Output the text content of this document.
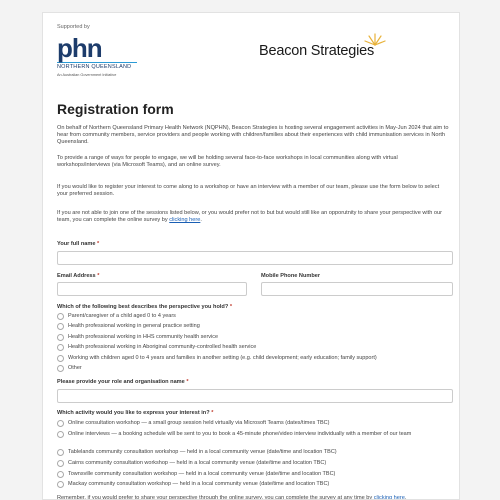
Supported by
phn
NORTHERN QUEENSLAND
An Australian Government Initiative
Beacon Strategies
Registration form
On behalf of Northern Queensland Primary Health Network (NQPHN), Beacon Strategies is hosting several engagement activities in May-Jun 2024 that aim to hear from community members, service providers and people working with children/families about their experiences with child immunisation services in North Queensland.
To provide a range of ways for people to engage, we will be holding several face-to-face workshops in local communities along with virtual workshops/interviews (via Microsoft Teams), and an online survey.
If you would like to register your interest to come along to a workshop or have an interview with a member of our team, please use the form below to select your preferred session.
If you are not able to join one of the sessions listed below, or you would prefer not to but but would still like an opporutnity to share your perspective with our team, you can complete the online survey by clicking here.
Your full name *
Email Address *	Mobile Phone Number
Which of the following best describes the perspective you hold? *
Parent/caregiver of a child aged 0 to 4 years
Health professional working in general practice setting
Health professional working in HHS community health service
Health professional working in Aboriginal community-controlled health service
Working with children aged 0 to 4 years and families in another setting (e.g. child development; early education; family support)
Other
Please provide your role and organisation name *
Which activity would you like to express your interest in? *
Online consultation workshop — a small group session held virtually via Microsoft Teams (dates/times TBC)
Online interviews — a booking schedule will be sent to you to book a 45-minute phone/video interview individually with a member of our team
Tablelands community consultation workshop — held in a local community venue (date/time and location TBC)
Cairns community consultation workshop — held in a local community venue (date/time and location TBC)
Townsville community consultation workshop — held in a local community venue (date/time and location TBC)
Mackay community consultation workshop — held in a local community venue (date/time and location TBC)
Remember, if you would prefer to share your perspective through the online survey, you can complete the survey at any time by clicking here.
